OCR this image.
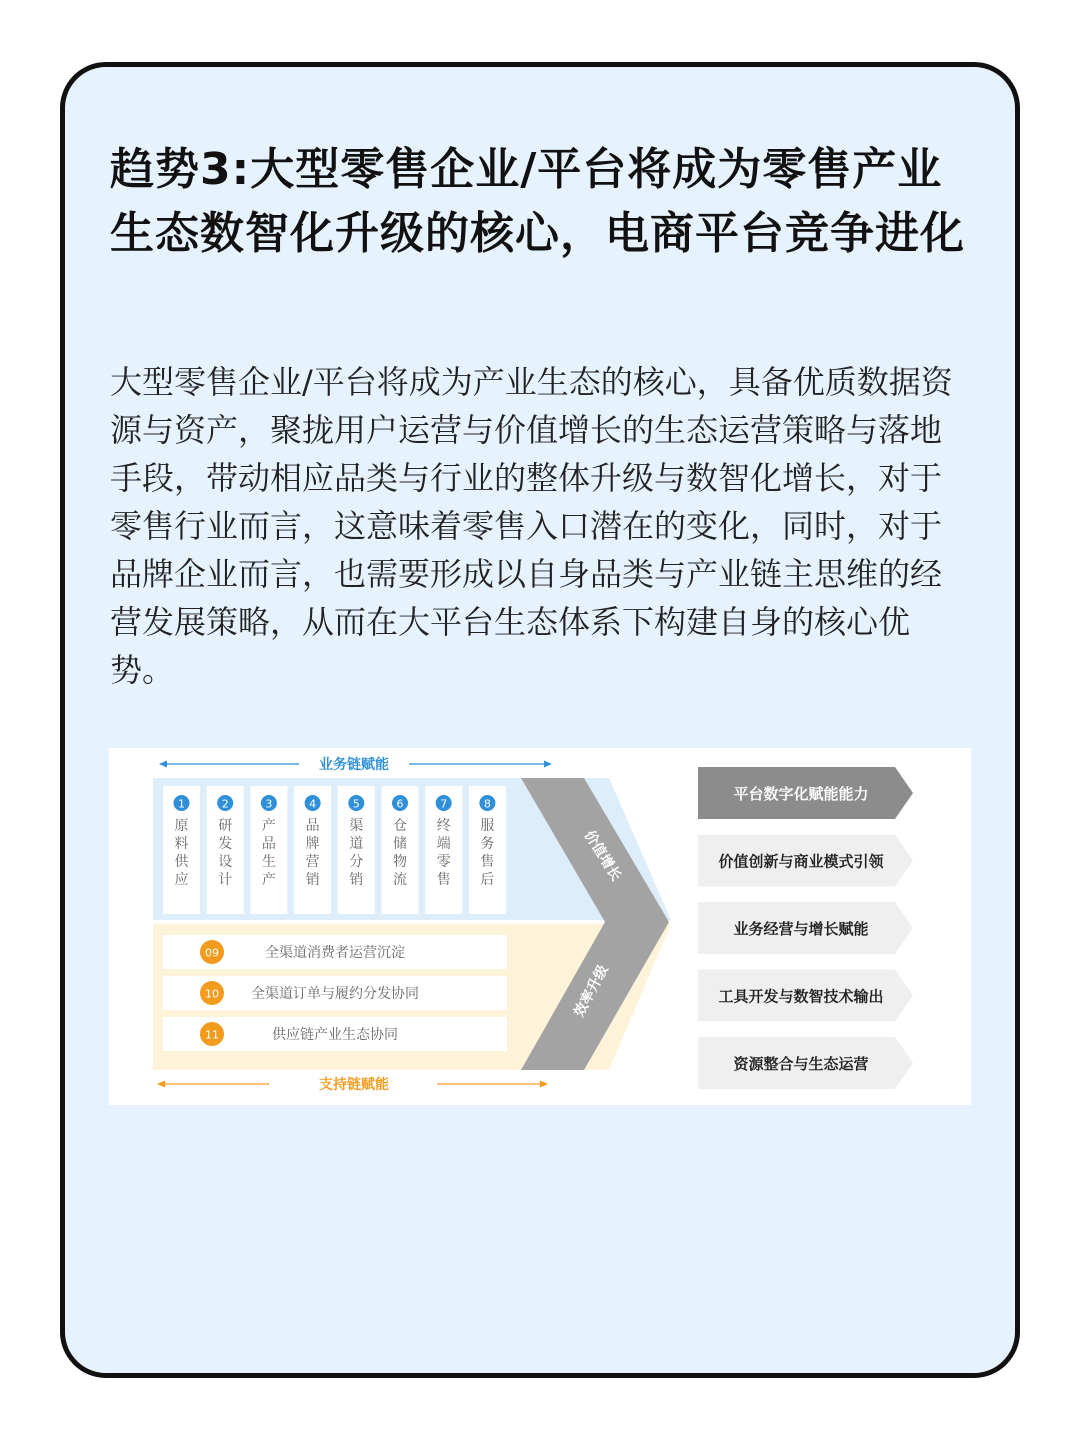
趋势3:大型零售企业/平台将成为零售产业生态数智化升级的核心，电商平台竞争进化

大型零售企业/平台将成为产业生态的核心，具备优质数据资源与资产，聚拢用户运营与价值增长的生态运营策略与落地手段，带动相应品类与行业的整体升级与数智化增长，对于零售行业而言，这意味着零售入口潜在的变化，同时，对于品牌企业而言，也需要形成以自身品类与产业链主思维的经营发展策略，从而在大平台生态体系下构建自身的核心优势。

业务链赋能
支持链赋能
价值增长
效率升级
1
原
料
供
应
2
研
发
设
计
3
产
品
生
产
4
品
牌
营
销
5
渠
道
分
销
6
仓
储
物
流
7
终
端
零
售
8
服
务
售
后
09	全渠道消费者运营沉淀
10 全渠道订单与履约分发协同
11	供应链产业生态协同
平台数字化赋能能力
价值创新与商业模式引领
业务经营与增长赋能
工具开发与数智技术输出
资源整合与生态运营
